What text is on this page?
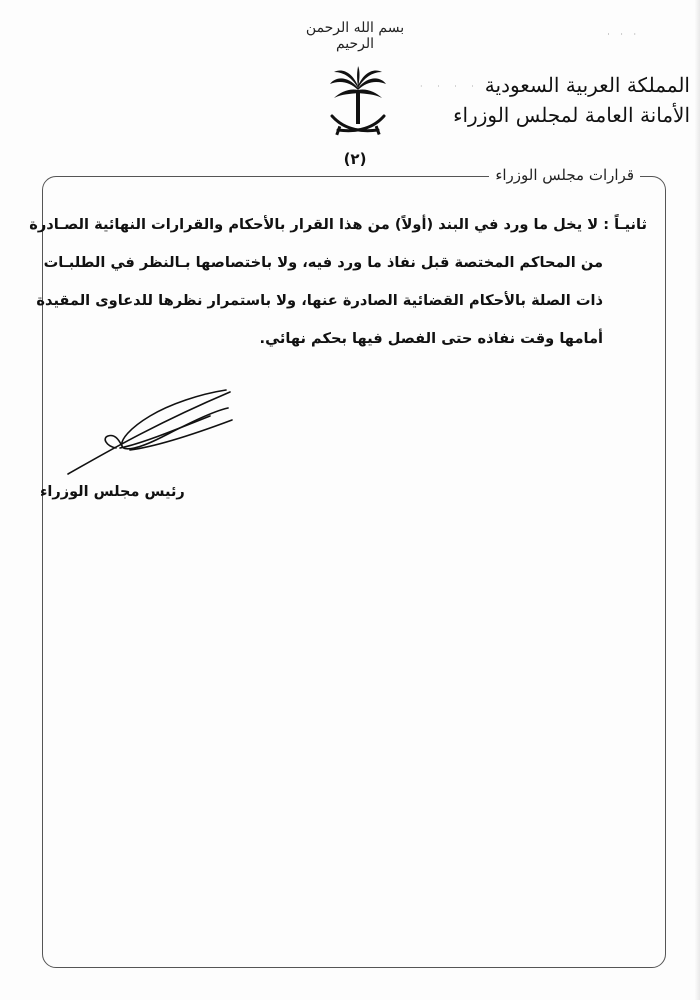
· · ·
بسم الله الرحمن الرحيم
(٢)
· · · · المملكة العربية السعودية
الأمانة العامة لمجلس الوزراء
قرارات مجلس الوزراء
ثانيـاً : لا يخل ما ورد في البند (أولاً) من هذا القرار بالأحكام والقرارات النهائية الصـادرة
من المحاكم المختصة قبل نفاذ ما ورد فيه، ولا باختصاصها بـالنظر في الطلبـات
ذات الصلة بالأحكام القضائية الصادرة عنها، ولا باستمرار نظرها للدعاوى المقيدة
أمامها وقت نفاذه حتى الفصل فيها بحكم نهائي.
رئيس مجلس الوزراء
